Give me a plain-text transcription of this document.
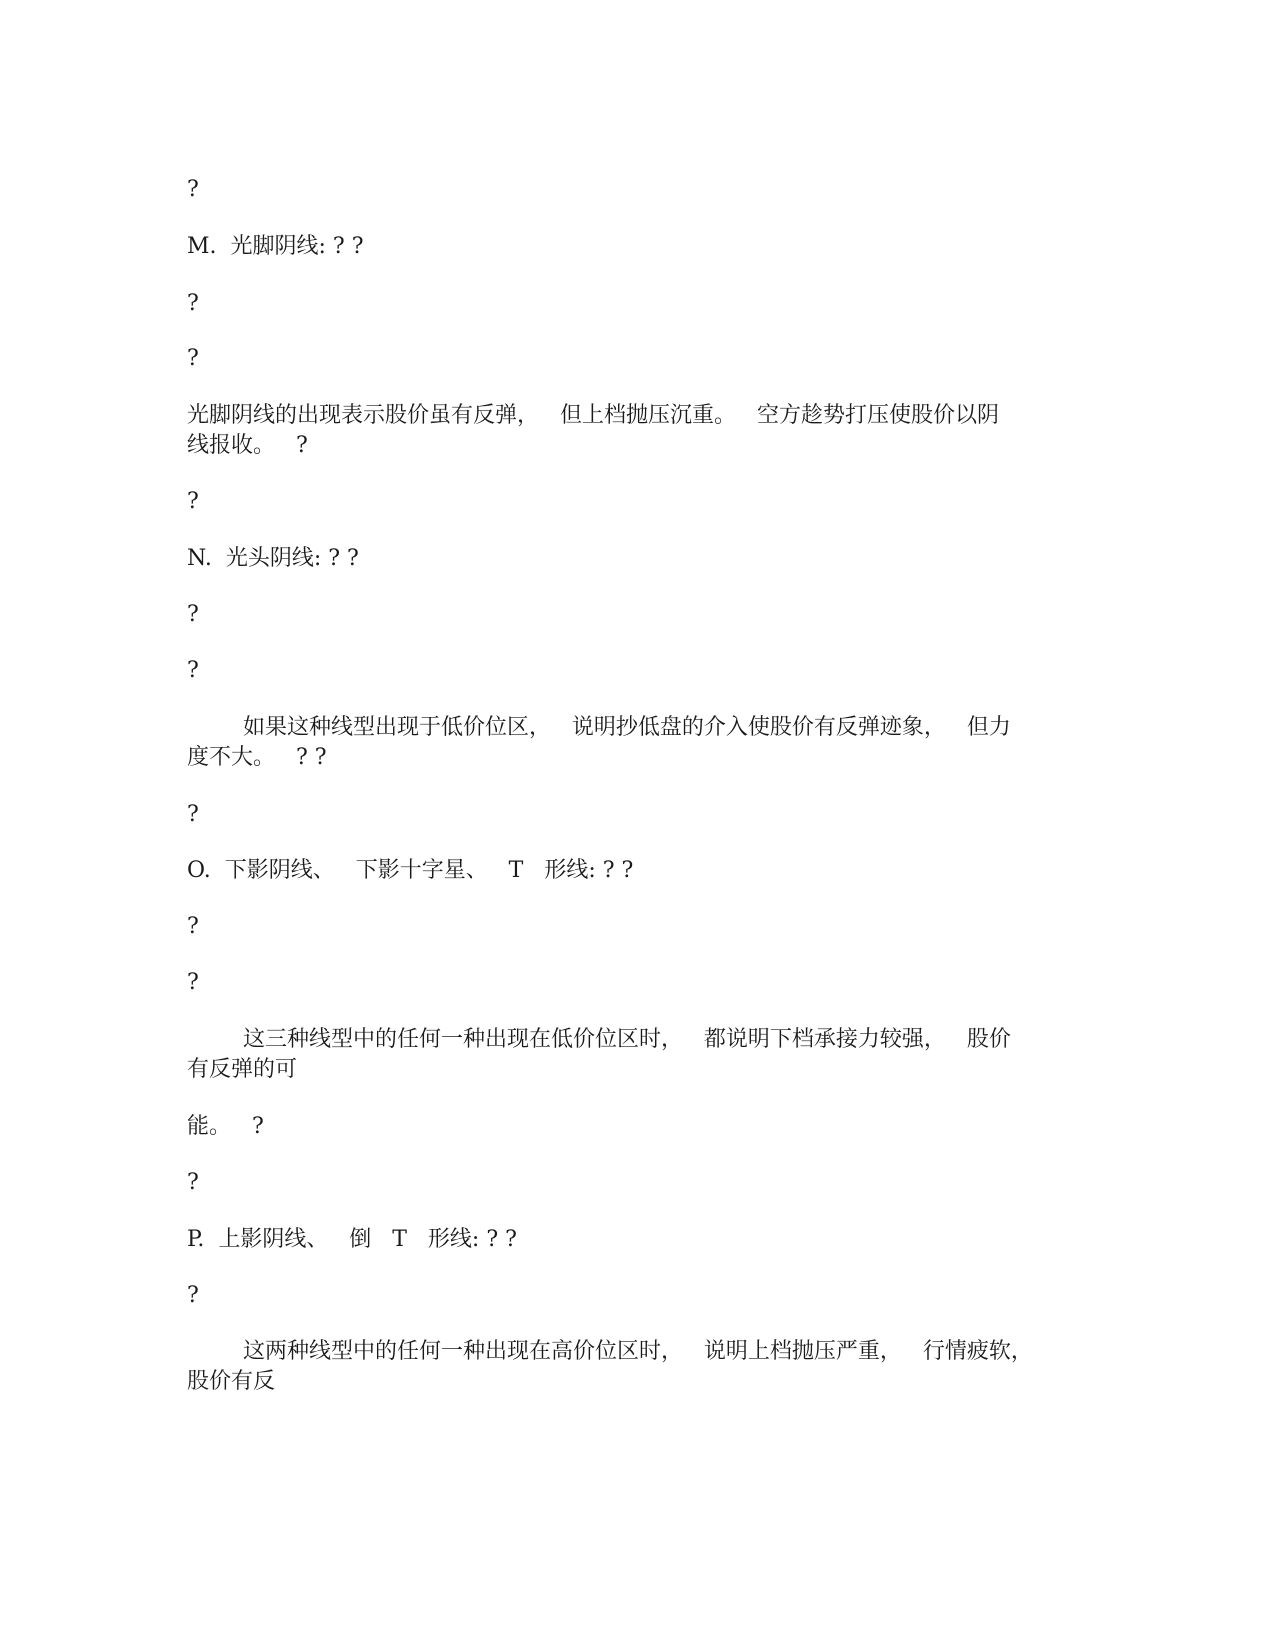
?
M.  光脚阴线: ? ?
?
?
光脚阴线的出现表示股价虽有反弹，   但上档抛压沉重。   空方趁势打压使股价以阴
线报收。   ?
?
N.  光头阴线: ? ?
?
?
如果这种线型出现于低价位区，   说明抄低盘的介入使股价有反弹迹象，   但力
度不大。   ? ?
?
O.  下影阴线、   下影十字星、   T   形线: ? ?
?
?
这三种线型中的任何一种出现在低价位区时，   都说明下档承接力较强，   股价
有反弹的可
能。   ?
?
P.  上影阴线、   倒   T   形线: ? ?
?
这两种线型中的任何一种出现在高价位区时，   说明上档抛压严重，   行情疲软，
股价有反
